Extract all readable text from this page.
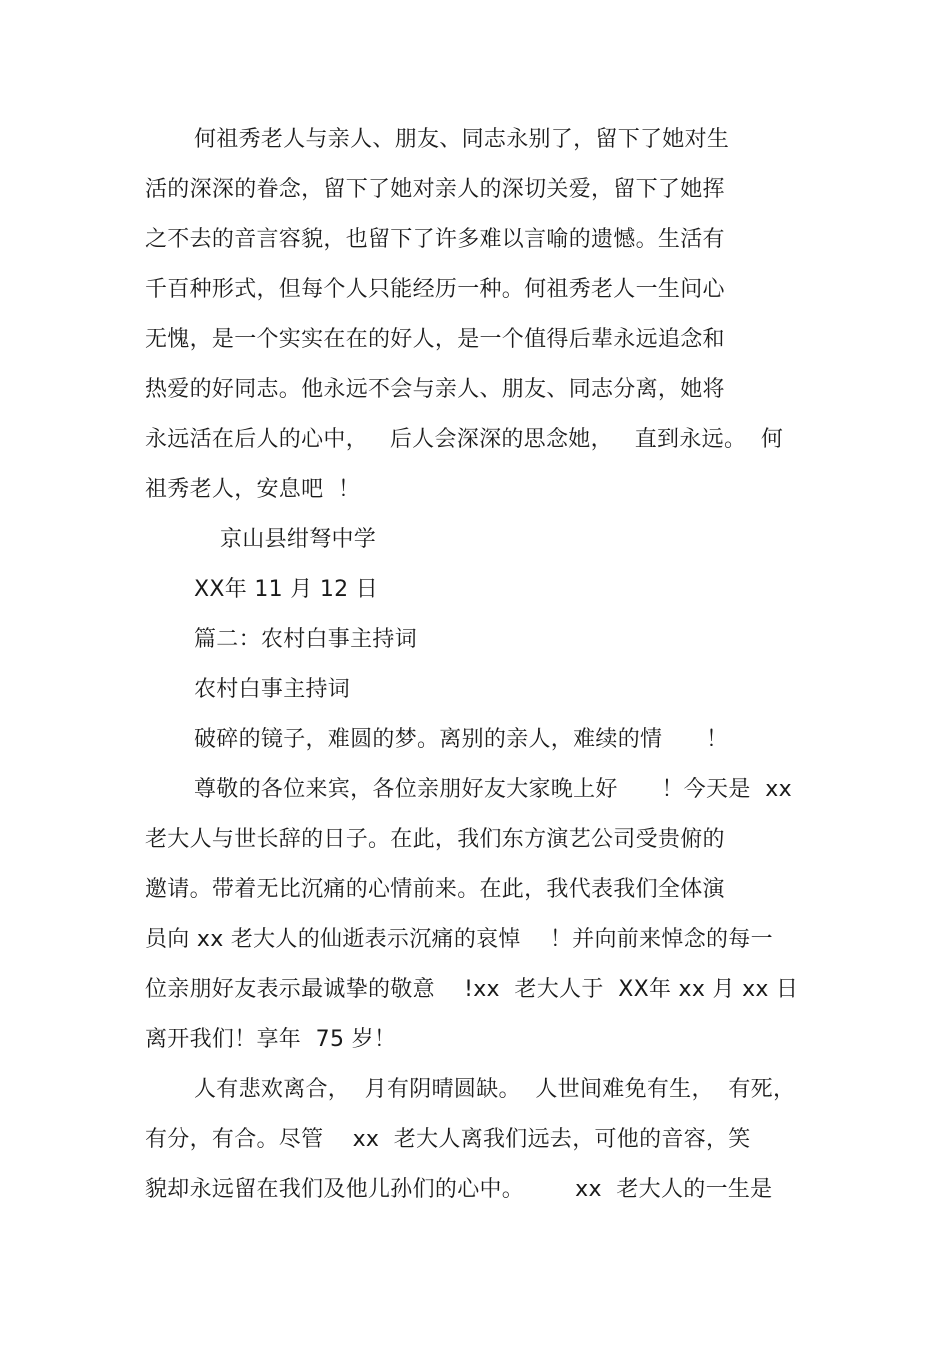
何祖秀老人与亲人、朋友、同志永别了，留下了她对生
活的深深的眷念，留下了她对亲人的深切关爱，留下了她挥
之不去的音言容貌，也留下了许多难以言喻的遗憾。生活有
千百种形式，但每个人只能经历一种。何祖秀老人一生问心
无愧，是一个实实在在的好人，是一个值得后辈永远追念和
热爱的好同志。他永远不会与亲人、朋友、同志分离，她将
永远活在后人的心中，   后人会深深的思念她，   直到永远。  何
祖秀老人，安息吧  ！
京山县绀弩中学
XX年 11 月 12 日
篇二：农村白事主持词
农村白事主持词
破碎的镜子，难圆的梦。离别的亲人，难续的情      ！
尊敬的各位来宾，各位亲朋好友大家晚上好      ！今天是  xx
老大人与世长辞的日子。在此，我们东方演艺公司受贵俯的
邀请。带着无比沉痛的心情前来。在此，我代表我们全体演
员向 xx 老大人的仙逝表示沉痛的哀悼    ！并向前来悼念的每一
位亲朋好友表示最诚挚的敬意    !xx  老大人于  XX年 xx 月 xx 日
离开我们！享年  75 岁！
人有悲欢离合，  月有阴晴圆缺。  人世间难免有生，  有死，
有分，有合。尽管    xx  老大人离我们远去，可他的音容，笑
貌却永远留在我们及他儿孙们的心中。       xx  老大人的一生是
